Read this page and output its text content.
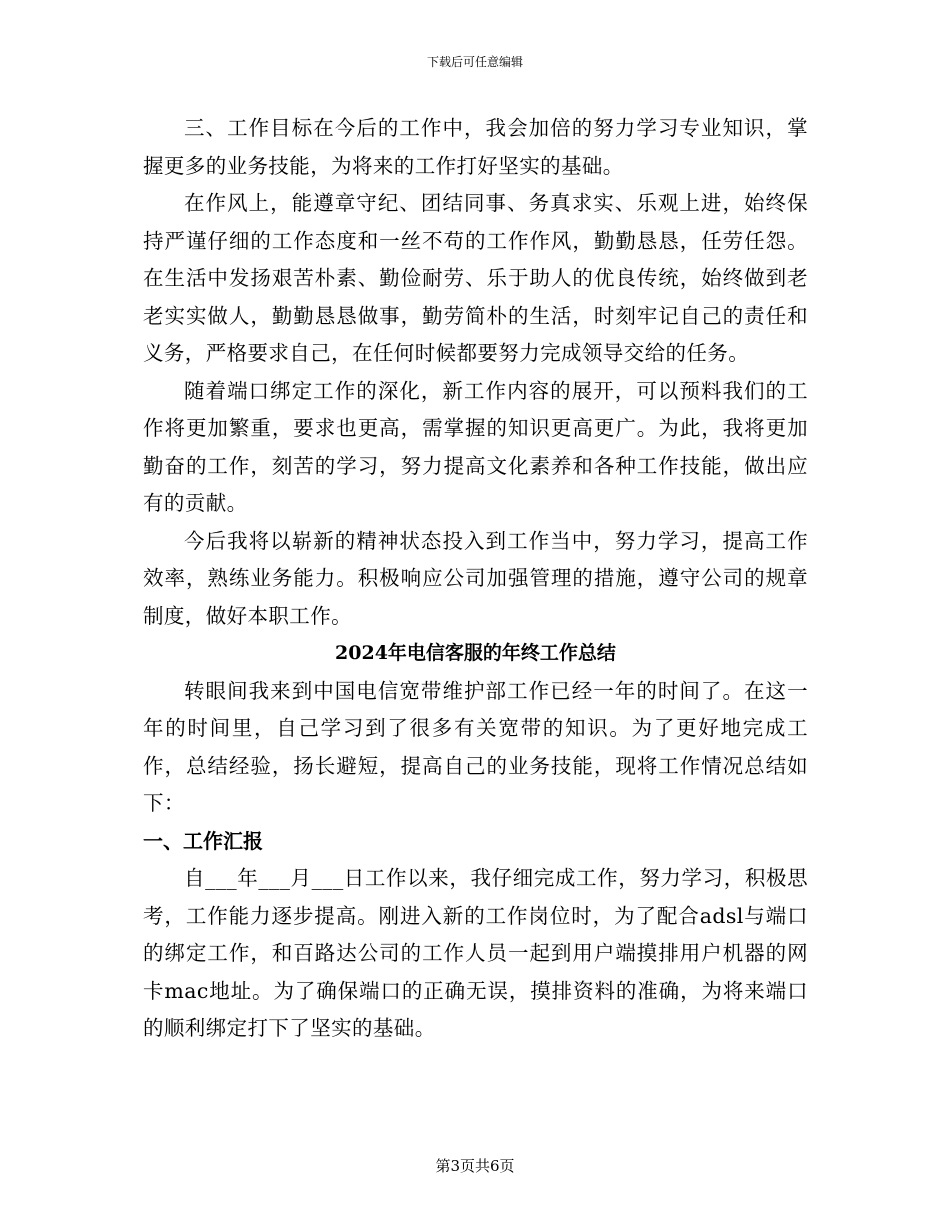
下载后可任意编辑

三、工作目标在今后的工作中，我会加倍的努力学习专业知识，掌握更多的业务技能，为将来的工作打好坚实的基础。

在作风上，能遵章守纪、团结同事、务真求实、乐观上进，始终保持严谨仔细的工作态度和一丝不苟的工作作风，勤勤恳恳，任劳任怨。在生活中发扬艰苦朴素、勤俭耐劳、乐于助人的优良传统，始终做到老老实实做人，勤勤恳恳做事，勤劳简朴的生活，时刻牢记自己的责任和义务，严格要求自己，在任何时候都要努力完成领导交给的任务。

随着端口绑定工作的深化，新工作内容的展开，可以预料我们的工作将更加繁重，要求也更高，需掌握的知识更高更广。为此，我将更加勤奋的工作，刻苦的学习，努力提高文化素养和各种工作技能，做出应有的贡献。

今后我将以崭新的精神状态投入到工作当中，努力学习，提高工作效率，熟练业务能力。积极响应公司加强管理的措施，遵守公司的规章制度，做好本职工作。

2024年电信客服的年终工作总结

转眼间我来到中国电信宽带维护部工作已经一年的时间了。在这一年的时间里，自己学习到了很多有关宽带的知识。为了更好地完成工作，总结经验，扬长避短，提高自己的业务技能，现将工作情况总结如下：

一、工作汇报

自___年___月___日工作以来，我仔细完成工作，努力学习，积极思考，工作能力逐步提高。刚进入新的工作岗位时，为了配合adsl与端口的绑定工作，和百路达公司的工作人员一起到用户端摸排用户机器的网卡mac地址。为了确保端口的正确无误，摸排资料的准确，为将来端口的顺利绑定打下了坚实的基础。

第3页共6页
